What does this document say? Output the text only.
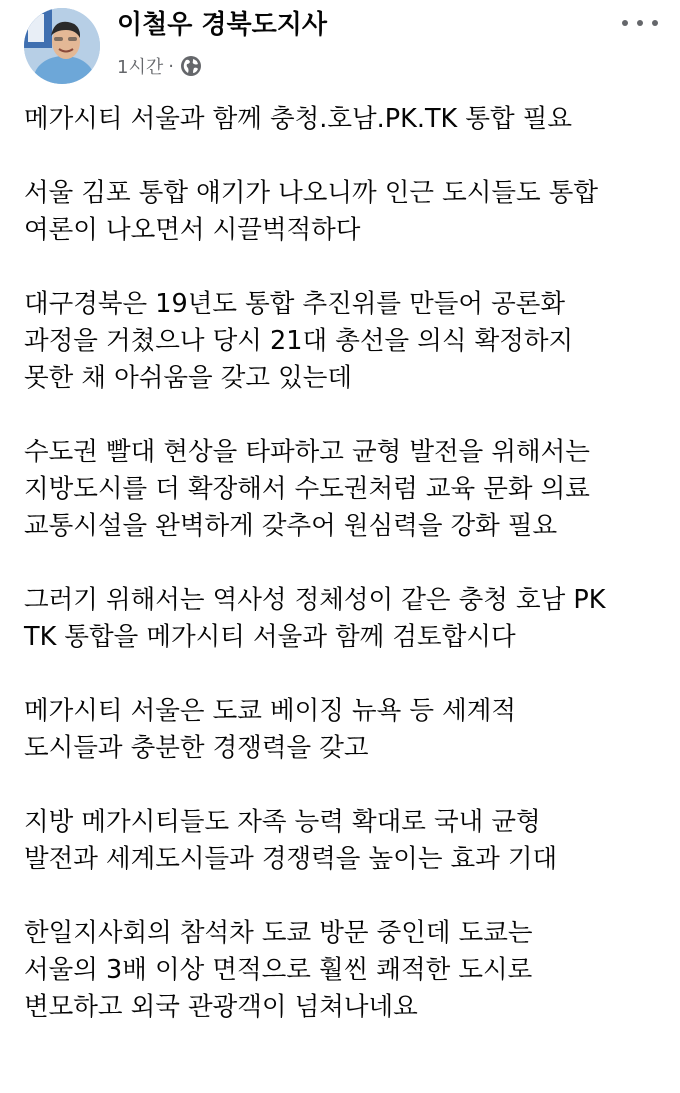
이철우 경북도지사
1시간 ·
메가시티 서울과 함께 충청.호남.PK.TK 통합 필요
서울 김포 통합 얘기가 나오니까 인근 도시들도 통합
여론이 나오면서 시끌벅적하다
대구경북은 19년도 통합 추진위를 만들어 공론화
과정을 거쳤으나 당시 21대 총선을 의식 확정하지
못한 채 아쉬움을 갖고 있는데
수도권 빨대 현상을 타파하고 균형 발전을 위해서는
지방도시를 더 확장해서 수도권처럼 교육 문화 의료
교통시설을 완벽하게 갖추어 원심력을 강화 필요
그러기 위해서는 역사성 정체성이 같은 충청 호남 PK
TK 통합을 메가시티 서울과 함께 검토합시다
메가시티 서울은 도쿄 베이징 뉴욕 등 세계적
도시들과 충분한 경쟁력을 갖고
지방 메가시티들도 자족 능력 확대로 국내 균형
발전과 세계도시들과 경쟁력을 높이는 효과 기대
한일지사회의 참석차 도쿄 방문 중인데 도쿄는
서울의 3배 이상 면적으로 훨씬 쾌적한 도시로
변모하고 외국 관광객이 넘쳐나네요
